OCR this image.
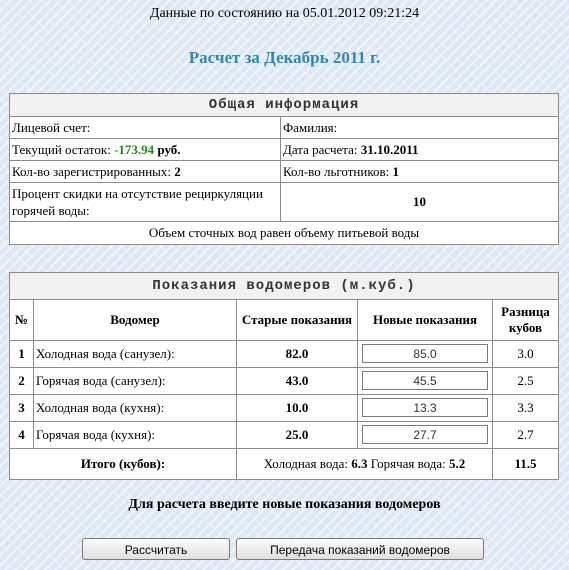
Данные по состоянию на 05.01.2012 09:21:24
Расчет за Декабрь 2011 г.
Общая информация
Лицевой счет:	Фамилия:
Текущий остаток: -173.94 руб.	Дата расчета: 31.10.2011
Кол-во зарегистрированных: 2	Кол-во льготников: 1
Процент скидки на отсутствие рециркуляции горячей воды:	10
Объем сточных вод равен объему питьевой воды	
Показания водомеров (м.куб.)
№	Водомер	Старые показания	Новые показания	Разница кубов
1	Холодная вода (санузел):	82.0	85.0	3.0
2	Горячая вода (санузел):	43.0	45.5	2.5
3	Холодная вода (кухня):	10.0	13.3	3.3
4	Горячая вода (кухня):	25.0	27.7	2.7
Итого (кубов):		Холодная вода: 6.3 Горячая вода: 5.2		11.5
Для расчета введите новые показания водомеров
Рассчитать	Передача показаний водомеров
